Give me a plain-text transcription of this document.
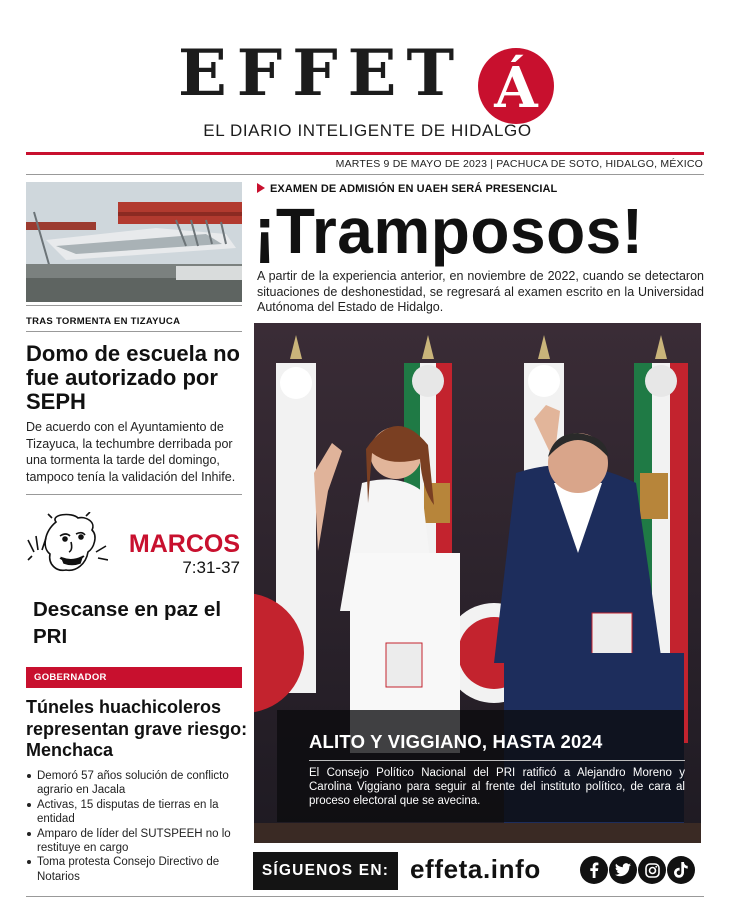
EFFET Á
EL DIARIO INTELIGENTE DE HIDALGO
MARTES 9 DE MAYO DE 2023 | PACHUCA DE SOTO, HIDALGO, MÉXICO
TRAS TORMENTA EN TIZAYUCA
Domo de escuela no fue autorizado por SEPH
De acuerdo con el Ayuntamiento de Tizayuca, la techumbre derribada por una tormenta la tarde del domingo, tampoco tenía la validación del Inhife.
MARCOS
7:31-37
Descanse en paz el PRI
GOBERNADOR
Túneles huachicoleros representan grave riesgo: Menchaca
Demoró 57 años solución de conflicto agrario en Jacala
Activas, 15 disputas de tierras en la entidad
Amparo de líder del SUTSPEEH no lo restituye en cargo
Toma protesta Consejo Directivo de Notarios
EXAMEN DE ADMISIÓN EN UAEH SERÁ PRESENCIAL
¡Tramposos!
A partir de la experiencia anterior, en noviembre de 2022, cuando se detectaron situaciones de deshonestidad, se regresará al examen escrito en la Universidad Autónoma del Estado de Hidalgo.
ALITO Y VIGGIANO, HASTA 2024
El Consejo Político Nacional del PRI ratificó a Alejandro Moreno y Carolina Viggiano para seguir al frente del instituto político, de cara al proceso electoral que se avecina.
SÍGUENOS EN: effeta.info
